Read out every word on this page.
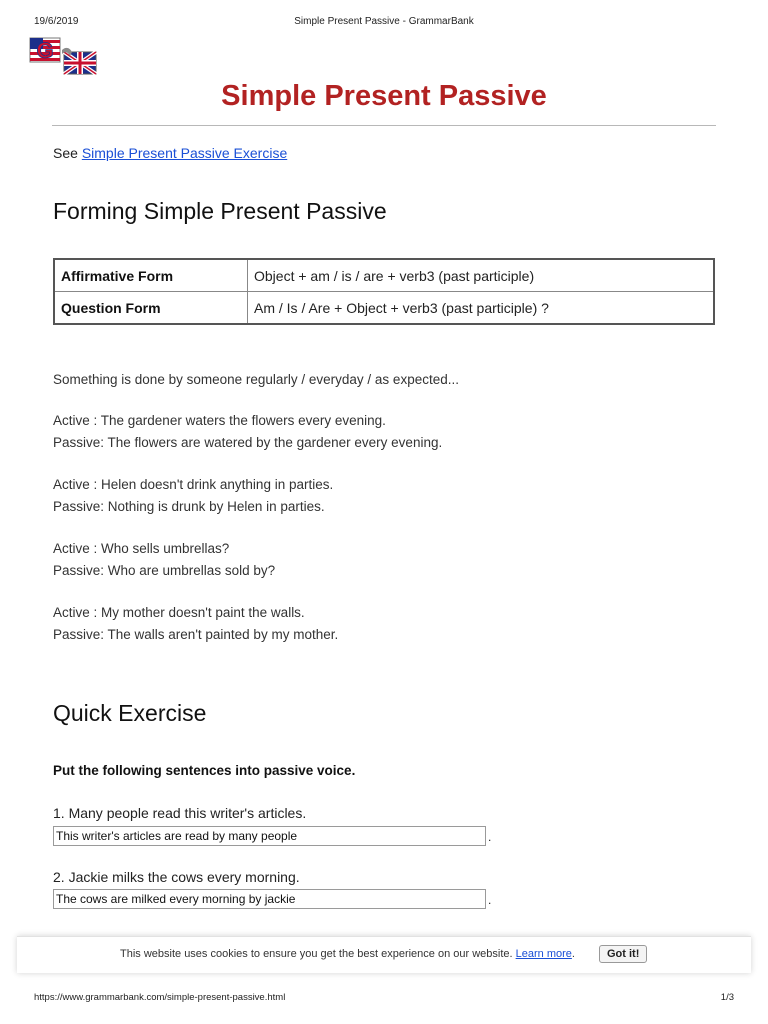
19/6/2019	Simple Present Passive - GrammarBank
G
Simple Present Passive
See Simple Present Passive Exercise
Forming Simple Present Passive
Affirmative Form	Object + am / is / are + verb3 (past participle)
Question Form	Am / Is / Are + Object + verb3 (past participle) ?
Something is done by someone regularly / everyday / as expected...
Active : The gardener waters the flowers every evening.
Passive: The flowers are watered by the gardener every evening.
Active : Helen doesn't drink anything in parties.
Passive: Nothing is drunk by Helen in parties.
Active : Who sells umbrellas?
Passive: Who are umbrellas sold by?
Active : My mother doesn't paint the walls.
Passive: The walls aren't painted by my mother.
Quick Exercise
Put the following sentences into passive voice.
1. Many people read this writer's articles.
This writer's articles are read by many people
.
2. Jackie milks the cows every morning.
The cows are milked every morning by jackie
.
This website uses cookies to ensure you get the best experience on our website. Learn more.	Got it!
https://www.grammarbank.com/simple-present-passive.html	1/3
